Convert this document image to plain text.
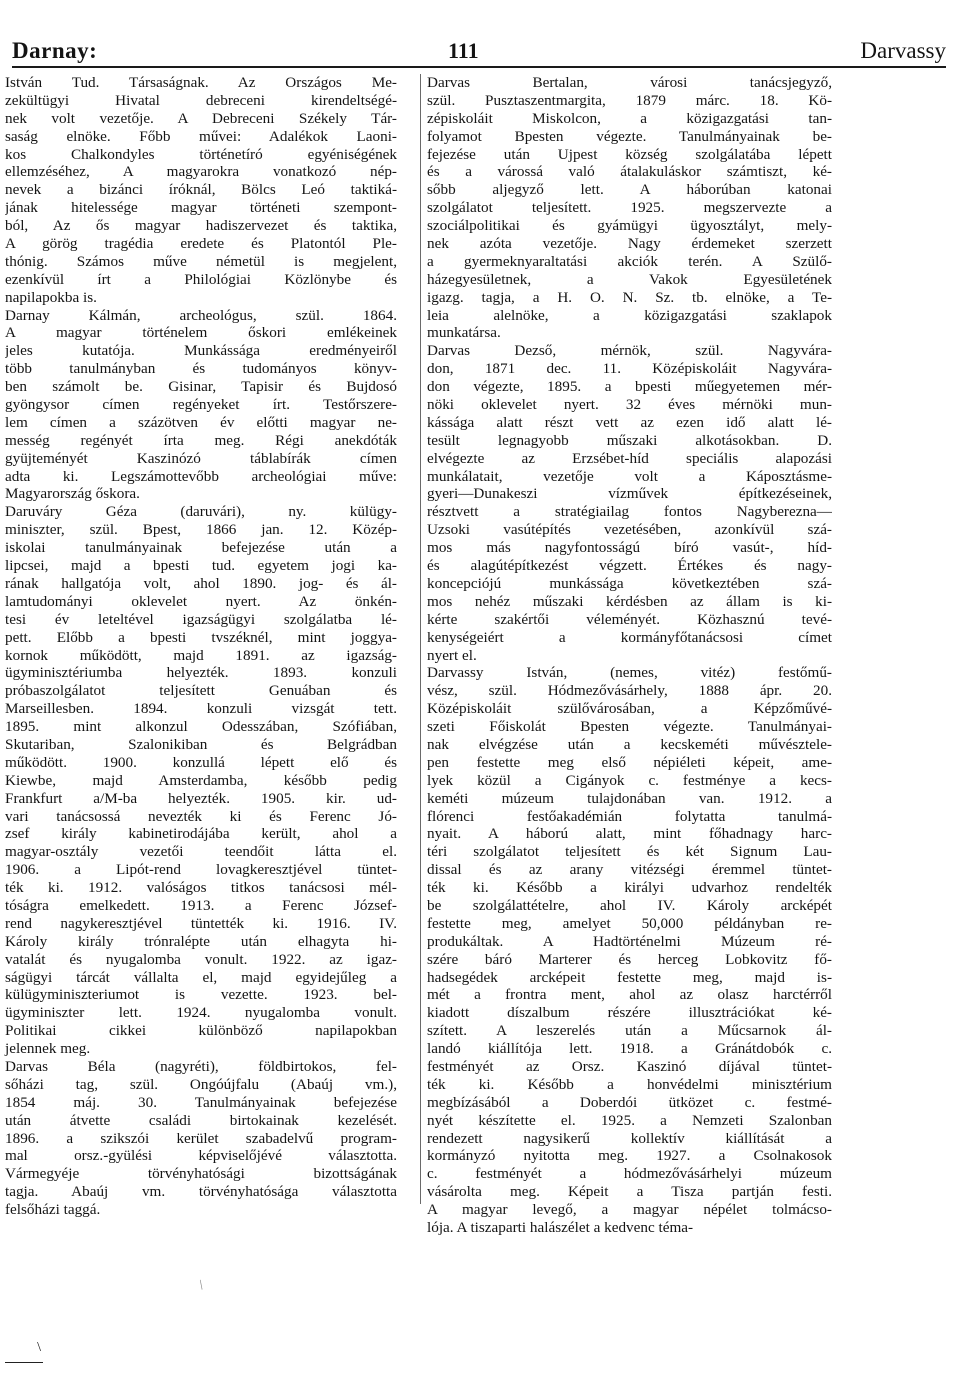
Darnay:	111	Darvassy
István Tud. Társaságnak. Az Országos Me-
zekültügyi Hivatal debreceni kirendeltségé-
nek volt vezetője. A Debreceni Székely Tár-
saság elnöke. Főbb művei: Adalékok Laoni-
kos Chalkondyles történetíró egyéniségének
ellemzéséhez, A magyarokra vonatkozó nép-
nevek a bizánci íróknál, Bölcs Leó taktiká-
jának hitelessége magyar történeti szempont-
ból, Az ős magyar hadiszervezet és taktika,
A görög tragédia eredete és Platontól Ple-
thónig. Számos műve németül is megjelent,
ezenkívül írt a Philológiai Közlönybe és
napilapokba is.
Darnay Kálmán, archeológus, szül. 1864.
A magyar történelem őskori emlékeinek
jeles kutatója. Munkássága eredményeiről
több tanulmányban és tudományos könyv-
ben számolt be. Gisinar, Tapisir és Bujdosó
gyöngysor címen regényeket írt. Testőrszere-
lem címen a százötven év előtti magyar ne-
messég regényét írta meg. Régi anekdóták
gyüjteményét Kaszinózó táblabírák címen
adta ki. Legszámottevőbb archeológiai műve:
Magyarország őskora.
Daruváry Géza (daruvári), ny. külügy-
miniszter, szül. Bpest, 1866 jan. 12. Közép-
iskolai tanulmányainak befejezése után a
lipcsei, majd a bpesti tud. egyetem jogi ka-
rának hallgatója volt, ahol 1890. jog- és ál-
lamtudományi oklevelet nyert. Az önkén-
tesi év leteltével igazságügyi szolgálatba lé-
pett. Előbb a bpesti tvszéknél, mint joggya-
kornok működött, majd 1891. az igazság-
ügyminisztériumba helyezték. 1893. konzuli
próbaszolgálatot teljesített Genuában és
Marseillesben. 1894. konzuli vizsgát tett.
1895. mint alkonzul Odesszában, Szófiában,
Skutariban, Szalonikiban és Belgrádban
működött. 1900. konzullá lépett elő és
Kiewbe, majd Amsterdamba, később pedig
Frankfurt a/M-ba helyezték. 1905. kir. ud-
vari tanácsossá nevezték ki és Ferenc Jó-
zsef király kabinetirodájába került, ahol a
magyar-osztály vezetői teendőit látta el.
1906. a Lipót-rend lovagkeresztjével tüntet-
ték ki. 1912. valóságos titkos tanácsosi mél-
tóságra emelkedett. 1913. a Ferenc József-
rend nagykeresztjével tüntették ki. 1916. IV.
Károly király trónralépte után elhagyta hi-
vatalát és nyugalomba vonult. 1922. az igaz-
ságügyi tárcát vállalta el, majd egyidejűleg a
külügyminiszteriumot is vezette. 1923. bel-
ügyminiszter lett. 1924. nyugalomba vonult.
Politikai cikkei különböző napilapokban
jelennek meg.
Darvas Béla (nagyréti), földbirtokos, fel-
sőházi tag, szül. Ongóújfalu (Abaúj vm.),
1854 máj. 30. Tanulmányainak befejezése
után átvette családi birtokainak kezelését.
1896. a szikszói kerület szabadelvű program-
mal orsz.-gyülési képviselőjévé választotta.
Vármegyéje törvényhatósági bizottságának
tagja. Abaúj vm. törvényhatósága választotta
felsőházi taggá.
Darvas Bertalan, városi tanácsjegyző,
szül. Pusztaszentmargita, 1879 márc. 18. Kö-
zépiskoláit Miskolcon, a közigazgatási tan-
folyamot Bpesten végezte. Tanulmányainak be-
fejezése után Ujpest község szolgálatába lépett
és a várossá való átalakuláskor számtiszt, ké-
sőbb aljegyző lett. A háborúban katonai
szolgálatot teljesített. 1925. megszervezte a
szociálpolitikai és gyámügyi ügyosztályt, mely-
nek azóta vezetője. Nagy érdemeket szerzett
a gyermeknyaraltatási akciók terén. A Szülő-
házegyesületnek, a Vakok Egyesületének
igazg. tagja, a H. O. N. Sz. tb. elnöke, a Te-
leia alelnöke, a közigazgatási szaklapok
munkatársa.
Darvas Dezső, mérnök, szül. Nagyvára-
don, 1871 dec. 11. Középiskoláit Nagyvára-
don végezte, 1895. a bpesti műegyetemen mér-
nöki oklevelet nyert. 32 éves mérnöki mun-
kássága alatt részt vett az ezen idő alatt lé-
tesült legnagyobb műszaki alkotásokban. D.
elvégezte az Erzsébet-híd speciális alapozási
munkálatait, vezetője volt a Káposztásme-
gyeri—Dunakeszi vízművek építkezéseinek,
résztvett a stratégiailag fontos Nagyberezna—
Uzsoki vasútépítés vezetésében, azonkívül szá-
mos más nagyfontosságú bíró vasút-, híd-
és alagútépítkezést végzett. Értékes és nagy-
koncepciójú munkássága következtében szá-
mos nehéz műszaki kérdésben az állam is ki-
kérte szakértői véleményét. Közhasznú tevé-
kenységeiért a kormányfőtanácsosi címet
nyert el.
Darvassy István, (nemes, vitéz) festőmű-
vész, szül. Hódmezővásárhely, 1888 ápr. 20.
Középiskoláit szülővárosában, a Képzőművé-
szeti Főiskolát Bpesten végezte. Tanulmányai-
nak elvégzése után a kecskeméti művésztele-
pen festette meg első népiéleti képeit, ame-
lyek közül a Cigányok c. festménye a kecs-
keméti múzeum tulajdonában van. 1912. a
flórenci festőakadémián folytatta tanulmá-
nyait. A háború alatt, mint főhadnagy harc-
téri szolgálatot teljesített és két Signum Lau-
dissal és az arany vitézségi éremmel tüntet-
ték ki. Később a királyi udvarhoz rendelték
be szolgálattételre, ahol IV. Károly arcképét
festette meg, amelyet 50,000 példányban re-
produkáltak. A Hadtörténelmi Múzeum ré-
szére báró Marterer és herceg Lobkovitz fő-
hadsegédek arcképeit festette meg, majd is-
mét a frontra ment, ahol az olasz harctérről
kiadott díszalbum részére illusztrációkat ké-
szített. A leszerelés után a Műcsarnok ál-
landó kiállítója lett. 1918. a Gránátdobók c.
festményét az Orsz. Kaszinó díjával tüntet-
ték ki. Később a honvédelmi minisztérium
megbízásából a Doberdói ütközet c. festmé-
nyét készítette el. 1925. a Nemzeti Szalonban
rendezett nagysikerű kollektív kiállítását a
kormányzó nyitotta meg. 1927. a Csolnakosok
c. festményét a hódmezővásárhelyi múzeum
vásárolta meg. Képeit a Tisza partján festi.
A magyar levegő, a magyar népélet tolmácso-
lója. A tiszaparti halászélet a kedvenc téma-
/
\
